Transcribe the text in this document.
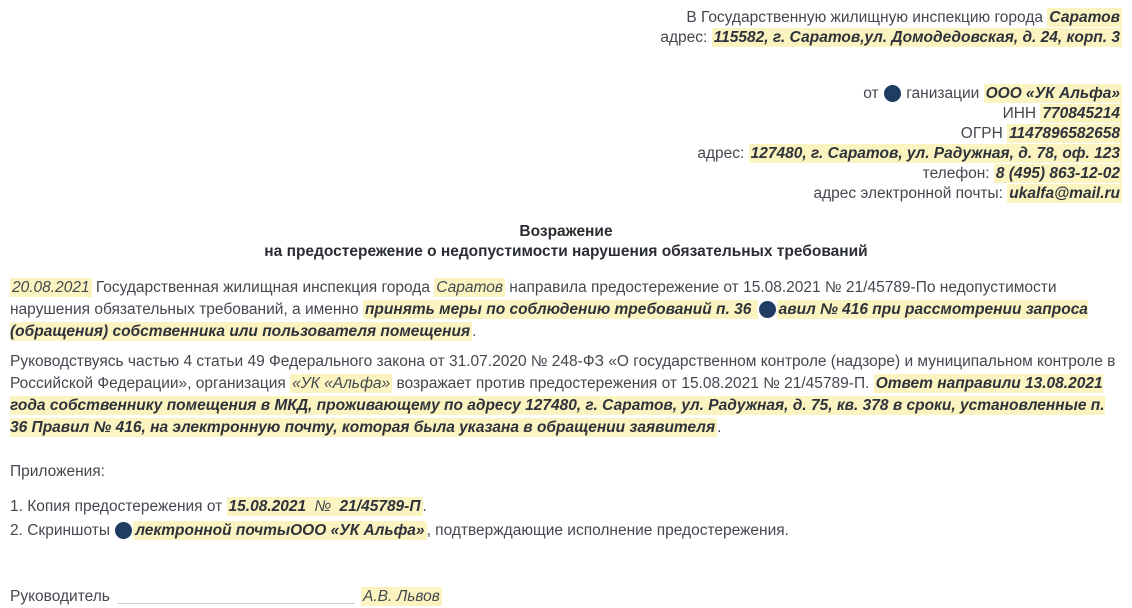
В Государственную жилищную инспекцию города Саратов
адрес: 115582, г. Саратов,ул. Домодедовская, д. 24, корп. 3
от  ганизации ООО «УК Альфа»
ИНН 770845214
ОГРН 1147896582658
адрес: 127480, г. Саратов, ул. Радужная, д. 78, оф. 123
телефон: 8 (495) 863-12-02
адрес электронной почты: ukalfa@mail.ru
Возражение
на предостережение о недопустимости нарушения обязательных требований
20.08.2021 Государственная жилищная инспекция города Саратов направила предостережение от 15.08.2021 № 21/45789-По недопустимости нарушения обязательных требований, а именно принять меры по соблюдению требований п. 36 авил № 416 при рассмотрении запроса (обращения) собственника или пользователя помещения .
Руководствуясь частью 4 статьи 49 Федерального закона от 31.07.2020 № 248-ФЗ «О государственном контроле (надзоре) и муниципальном контроле в Российской Федерации», организация «УК «Альфа» возражает против предостережения от 15.08.2021 № 21/45789-П. Ответ направили 13.08.2021 года собственнику помещения в МКД, проживающему по адресу 127480, г. Саратов, ул. Радужная, д. 75, кв. 378 в сроки, установленные п. 36 Правил № 416, на электронную почту, которая была указана в обращении заявителя .
Приложения:
1. Копия предостережения от 15.08.2021 № 21/45789-П .
2. Скриншоты лектронной почтыООО «УК Альфа» , подтверждающие исполнение предостережения.
Руководитель __________________________ А.В. Львов
